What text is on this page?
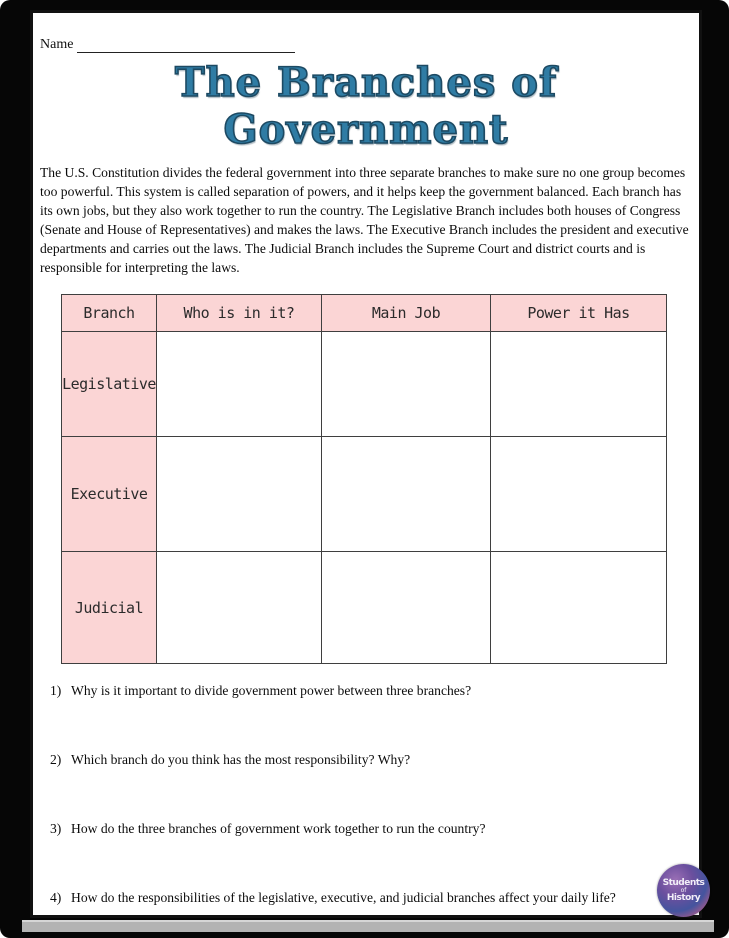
Name
The Branches of Government
The U.S. Constitution divides the federal government into three separate branches to make sure no one group becomes too powerful. This system is called separation of powers, and it helps keep the government balanced. Each branch has its own jobs, but they also work together to run the country. The Legislative Branch includes both houses of Congress (Senate and House of Representatives) and makes the laws. The Executive Branch includes the president and executive departments and carries out the laws. The Judicial Branch includes the Supreme Court and district courts and is responsible for interpreting the laws.
Branch	Who is in it?	Main Job	Power it Has
Legislative			
Executive			
Judicial			
1) Why is it important to divide government power between three branches?
2) Which branch do you think has the most responsibility? Why?
3) How do the three branches of government work together to run the country?
4) How do the responsibilities of the legislative, executive, and judicial branches affect your daily life?
Students
of
History
